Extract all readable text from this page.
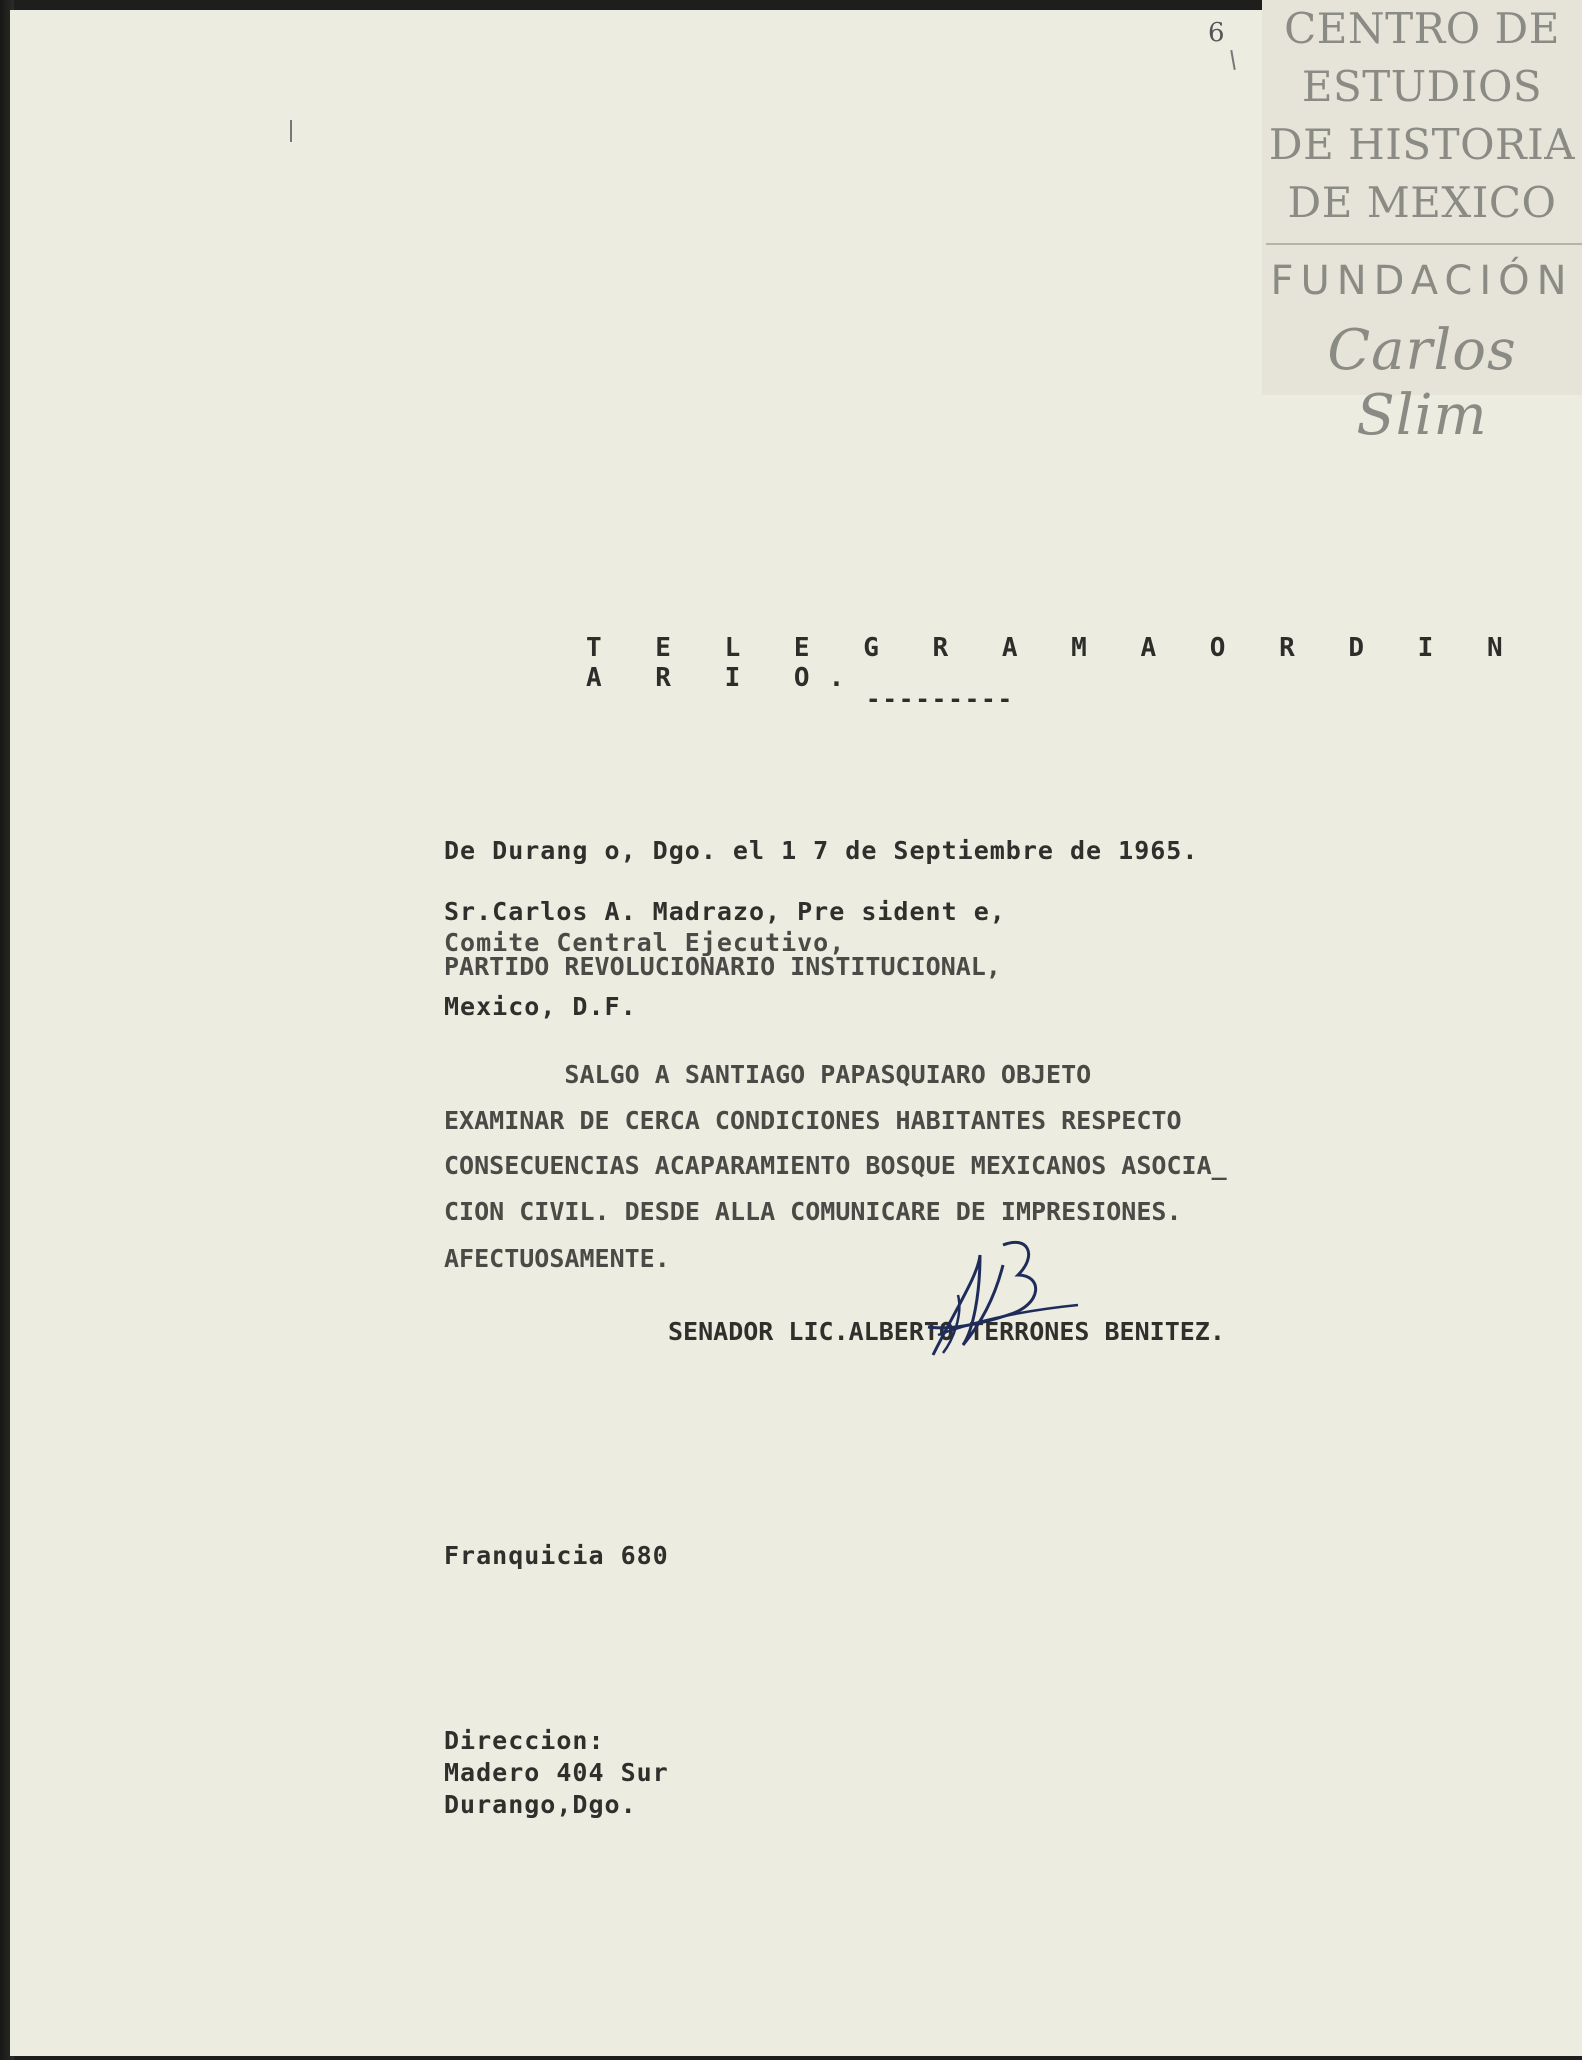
CENTRO DE
ESTUDIOS
DE HISTORIA
DE MEXICO
FUNDACIÓN
Carlos Slim
6
T E L E G R A M A O R D I N A R I O.
---------
De Durang o, Dgo. el 1 7 de Septiembre de 1965.
Sr.Carlos A. Madrazo, Pre sident e,
Comite Central Ejecutivo,
PARTIDO REVOLUCIONARIO INSTITUCIONAL,
Mexico, D.F.
SALGO A SANTIAGO PAPASQUIARO OBJETO
EXAMINAR DE CERCA CONDICIONES HABITANTES RESPECTO
CONSECUENCIAS ACAPARAMIENTO BOSQUE MEXICANOS ASOCIA_
CION CIVIL. DESDE ALLA COMUNICARE DE IMPRESIONES.
AFECTUOSAMENTE.
SENADOR LIC.ALBERTO TERRONES BENITEZ.
Franquicia 680
Direccion:
Madero 404 Sur
Durango,Dgo.
